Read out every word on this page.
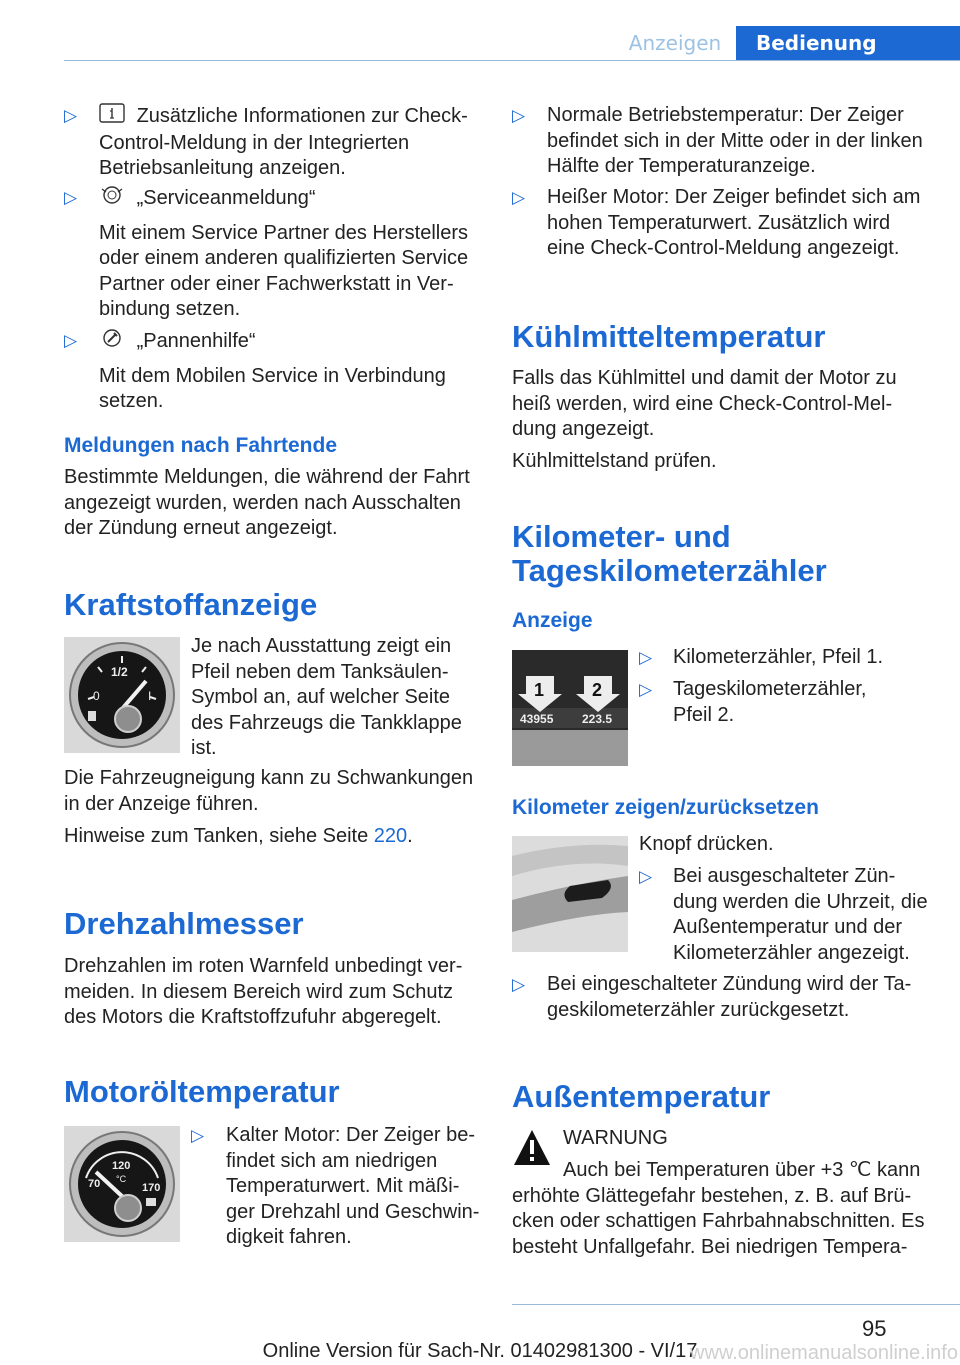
Anzeigen	Bedienung
▷	Zusätzliche Informationen zur Check-
Control-Meldung in der Integrierten
Betriebsanleitung anzeigen.
▷	„Serviceanmeldung“
Mit einem Service Partner des Herstellers
oder einem anderen qualifizierten Service
Partner oder einer Fachwerkstatt in Ver‐
bindung setzen.
▷	„Pannenhilfe“
Mit dem Mobilen Service in Verbindung
setzen.
Meldungen nach Fahrtende
Bestimmte Meldungen, die während der Fahrt
angezeigt wurden, werden nach Ausschalten
der Zündung erneut angezeigt.
Kraftstoffanzeige
1/2
0	I
Je nach Ausstattung zeigt ein
Pfeil neben dem Tanksäulen-
Symbol an, auf welcher Seite
des Fahrzeugs die Tankklappe
ist.
Die Fahrzeugneigung kann zu Schwankungen
in der Anzeige führen.
Hinweise zum Tanken, siehe Seite 220.
Drehzahlmesser
Drehzahlen im roten Warnfeld unbedingt ver‐
meiden. In diesem Bereich wird zum Schutz
des Motors die Kraftstoffzufuhr abgeregelt.
Motoröltemperatur
120
°C
70	170
▷ Kalter Motor: Der Zeiger be‐
findet sich am niedrigen
Temperaturwert. Mit mäßi‐
ger Drehzahl und Geschwin‐
digkeit fahren.
▷ Normale Betriebstemperatur: Der Zeiger
befindet sich in der Mitte oder in der linken
Hälfte der Temperaturanzeige.
▷ Heißer Motor: Der Zeiger befindet sich am
hohen Temperaturwert. Zusätzlich wird
eine Check-Control-Meldung angezeigt.
Kühlmitteltemperatur
Falls das Kühlmittel und damit der Motor zu
heiß werden, wird eine Check-Control-Mel‐
dung angezeigt.
Kühlmittelstand prüfen.
Kilometer- und
Tageskilometerzähler
Anzeige
1	2
43955 223.5
▷ Kilometerzähler, Pfeil 1.
▷ Tageskilometerzähler,
Pfeil 2.
Kilometer zeigen/zurücksetzen
Knopf drücken.
▷ Bei ausgeschalteter Zün‐
dung werden die Uhrzeit, die
Außentemperatur und der
Kilometerzähler angezeigt.
▷ Bei eingeschalteter Zündung wird der Ta‐
geskilometerzähler zurückgesetzt.
Außentemperatur
WARNUNG
Auch bei Temperaturen über +3 ℃ kann
erhöhte Glättegefahr bestehen, z. B. auf Brü‐
cken oder schattigen Fahrbahnabschnitten. Es
besteht Unfallgefahr. Bei niedrigen Tempera‐
95
Online Version für Sach-Nr. 01402981300 - VI/17
www.onlinemanualsonline.info
